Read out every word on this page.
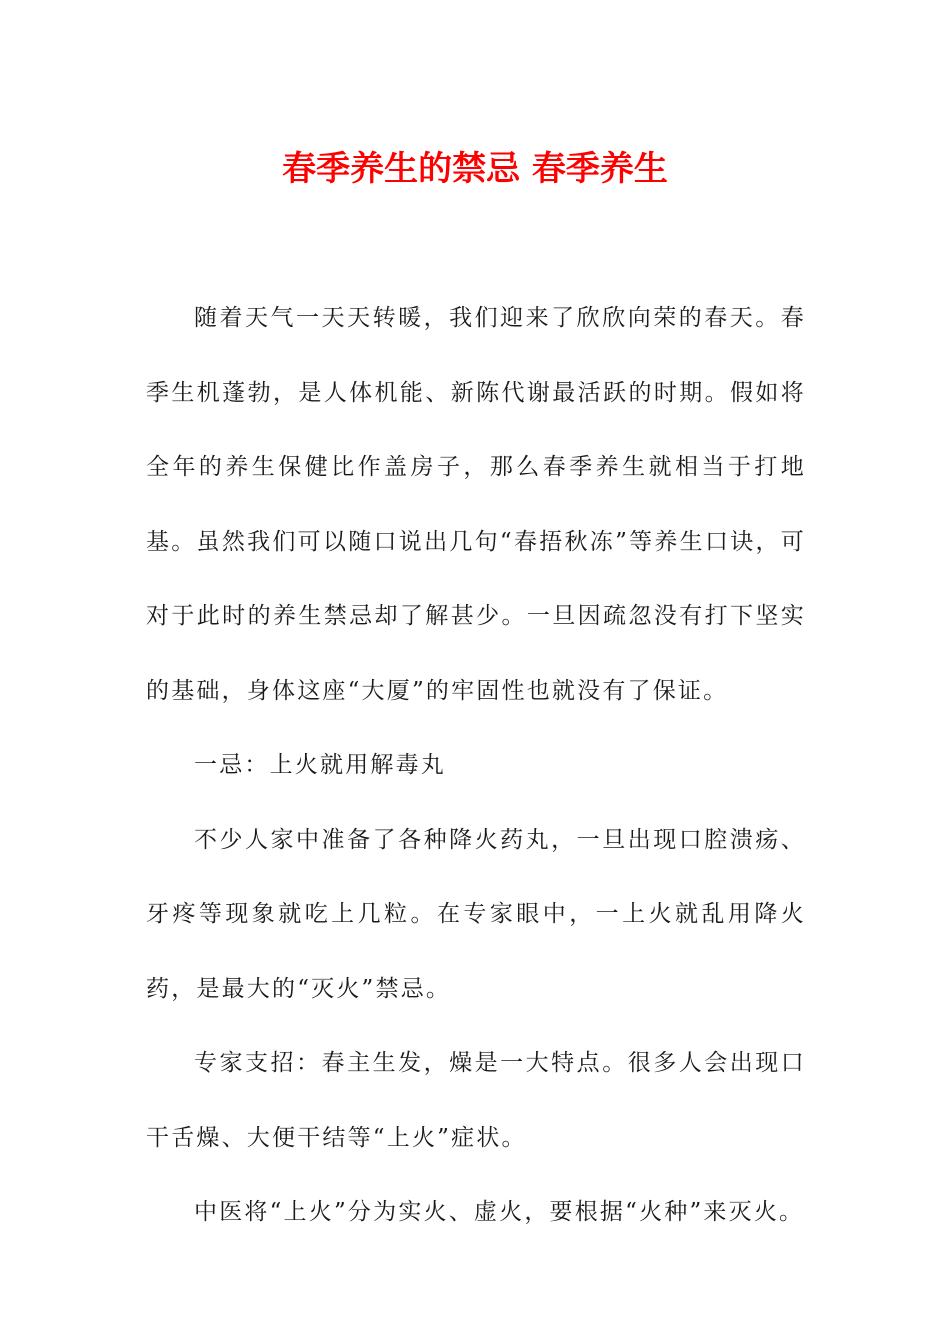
春季养生的禁忌 春季养生

随着天气一天天转暖，我们迎来了欣欣向荣的春天。春季生机蓬勃，是人体机能、新陈代谢最活跃的时期。假如将全年的养生保健比作盖房子，那么春季养生就相当于打地基。虽然我们可以随口说出几句“春捂秋冻”等养生口诀，可对于此时的养生禁忌却了解甚少。一旦因疏忽没有打下坚实的基础，身体这座“大厦”的牢固性也就没有了保证。

一忌：上火就用解毒丸

不少人家中准备了各种降火药丸，一旦出现口腔溃疡、牙疼等现象就吃上几粒。在专家眼中，一上火就乱用降火药，是最大的“灭火”禁忌。

专家支招：春主生发，燥是一大特点。很多人会出现口干舌燥、大便干结等“上火”症状。

中医将“上火”分为实火、虚火，要根据“火种”来灭火。
